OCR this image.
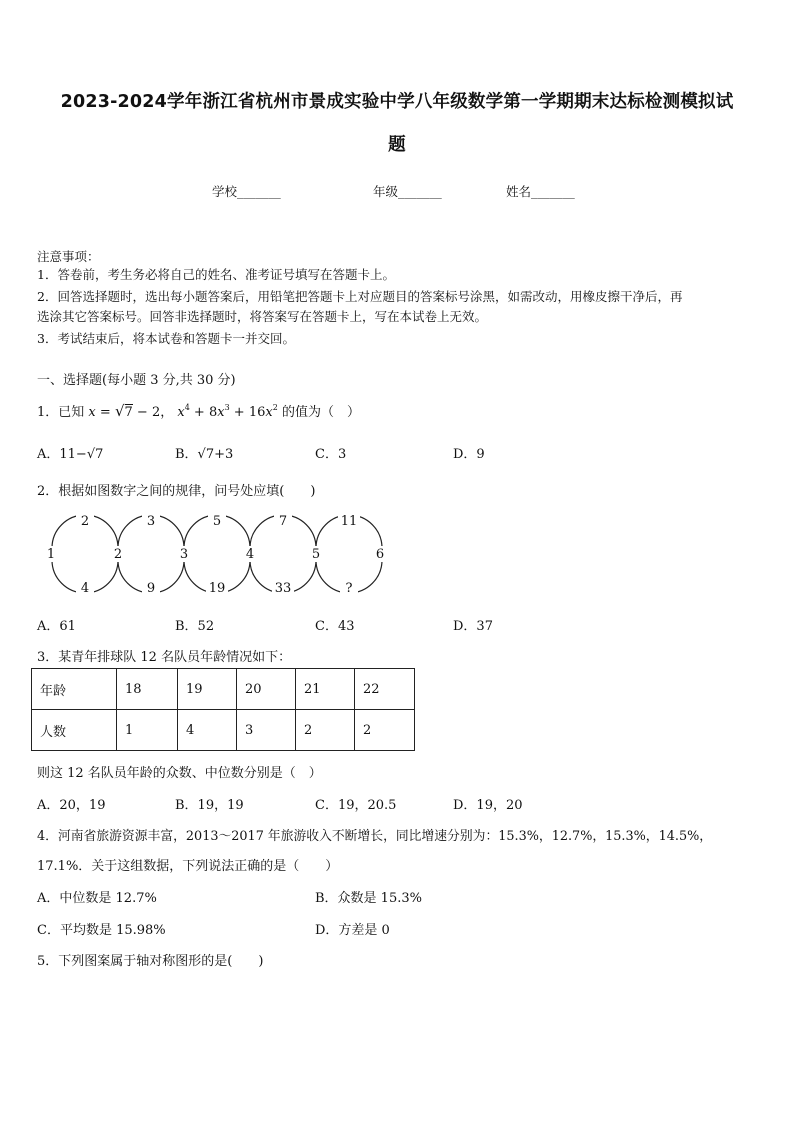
2023-2024学年浙江省杭州市景成实验中学八年级数学第一学期期末达标检测模拟试
题
学校_______	年级_______	姓名_______
注意事项：
1．答卷前，考生务必将自己的姓名、准考证号填写在答题卡上。
2．回答选择题时，选出每小题答案后，用铅笔把答题卡上对应题目的答案标号涂黑，如需改动，用橡皮擦干净后，再
选涂其它答案标号。回答非选择题时，将答案写在答题卡上，写在本试卷上无效。
3．考试结束后，将本试卷和答题卡一并交回。
一、选择题(每小题 3 分,共 30 分)
1．已知 x = √7 − 2， $x^4 + 8x^3 + 16x^2$ 的值为（　）
A．11−√7	B．√7+3	C．3	D．9
2．根据如图数字之间的规律，问号处应填(　　)
1	2	3	4	5	6
2	3	5	7	11
4	9	19	33	?
A．61	B．52	C．43	D．37
3．某青年排球队 12 名队员年龄情况如下：
年龄	18	19	20	21	22
人数	1	4	3	2	2
则这 12 名队员年龄的众数、中位数分别是（　）
A．20，19	B．19，19	C．19，20.5	D．19，20
4．河南省旅游资源丰富，2013～2017 年旅游收入不断增长，同比增速分别为：15.3%，12.7%，15.3%，14.5%，
17.1%．关于这组数据，下列说法正确的是（　　）
A．中位数是 12.7%	B．众数是 15.3%
C．平均数是 15.98%	D．方差是 0
5．下列图案属于轴对称图形的是(　　)
